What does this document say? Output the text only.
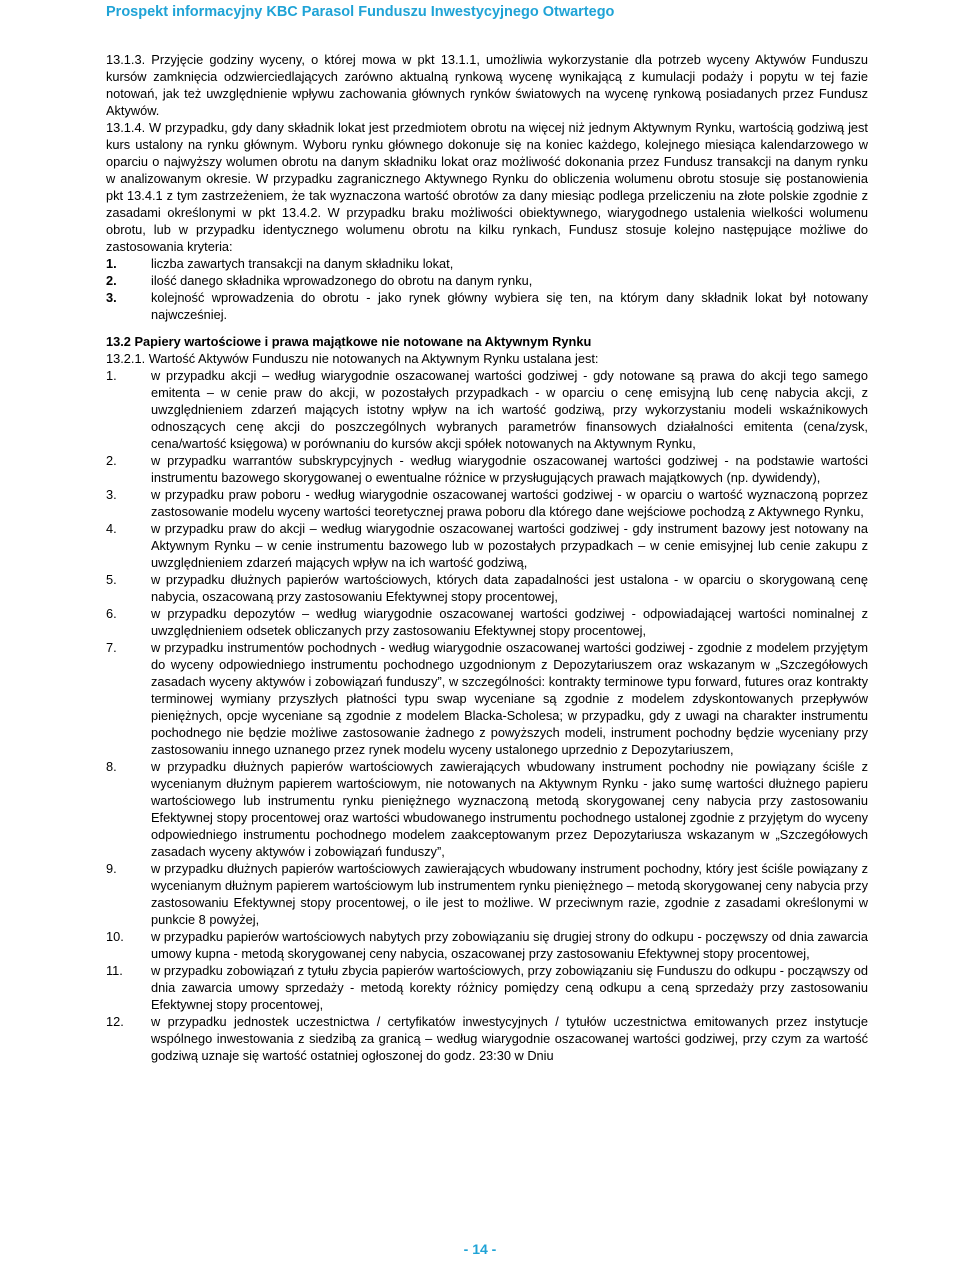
Prospekt informacyjny KBC Parasol Funduszu Inwestycyjnego Otwartego

13.1.3. Przyjęcie godziny wyceny, o której mowa w pkt 13.1.1, umożliwia wykorzystanie dla potrzeb wyceny Aktywów Funduszu kursów zamknięcia odzwierciedlających zarówno aktualną rynkową wycenę wynikającą z kumulacji podaży i popytu w tej fazie notowań, jak też uwzględnienie wpływu zachowania głównych rynków światowych na wycenę rynkową posiadanych przez Fundusz Aktywów.

13.1.4. W przypadku, gdy dany składnik lokat jest przedmiotem obrotu na więcej niż jednym Aktywnym Rynku, wartością godziwą jest kurs ustalony na rynku głównym. Wyboru rynku głównego dokonuje się na koniec każdego, kolejnego miesiąca kalendarzowego w oparciu o najwyższy wolumen obrotu na danym składniku lokat oraz możliwość dokonania przez Fundusz transakcji na danym rynku w analizowanym okresie. W przypadku zagranicznego Aktywnego Rynku do obliczenia wolumenu obrotu stosuje się postanowienia pkt 13.4.1 z tym zastrzeżeniem, że tak wyznaczona wartość obrotów za dany miesiąc podlega przeliczeniu na złote polskie zgodnie z zasadami określonymi w pkt 13.4.2. W przypadku braku możliwości obiektywnego, wiarygodnego ustalenia wielkości wolumenu obrotu, lub w przypadku identycznego wolumenu obrotu na kilku rynkach, Fundusz stosuje kolejno następujące możliwe do zastosowania kryteria:

1.	liczba zawartych transakcji na danym składniku lokat,
2.	ilość danego składnika wprowadzonego do obrotu na danym rynku,
3.	kolejność wprowadzenia do obrotu - jako rynek główny wybiera się ten, na którym dany składnik lokat był notowany najwcześniej.

13.2 Papiery wartościowe i prawa majątkowe nie notowane na Aktywnym Rynku

13.2.1. Wartość Aktywów Funduszu nie notowanych na Aktywnym Rynku ustalana jest:

1.	w przypadku akcji – według wiarygodnie oszacowanej wartości godziwej - gdy notowane są prawa do akcji tego samego emitenta – w cenie praw do akcji, w pozostałych przypadkach - w oparciu o cenę emisyjną lub cenę nabycia akcji, z uwzględnieniem zdarzeń mających istotny wpływ na ich wartość godziwą, przy wykorzystaniu modeli wskaźnikowych odnoszących cenę akcji do poszczególnych wybranych parametrów finansowych działalności emitenta (cena/zysk, cena/wartość księgowa) w porównaniu do kursów akcji spółek notowanych na Aktywnym Rynku,
2.	w przypadku warrantów subskrypcyjnych - według wiarygodnie oszacowanej wartości godziwej - na podstawie wartości instrumentu bazowego skorygowanej o ewentualne różnice w przysługujących prawach majątkowych (np. dywidendy),
3.	w przypadku praw poboru - według wiarygodnie oszacowanej wartości godziwej - w oparciu o wartość wyznaczoną poprzez zastosowanie modelu wyceny wartości teoretycznej prawa poboru dla którego dane wejściowe pochodzą z Aktywnego Rynku,
4.	w przypadku praw do akcji – według wiarygodnie oszacowanej wartości godziwej - gdy instrument bazowy jest notowany na Aktywnym Rynku – w cenie instrumentu bazowego lub w pozostałych przypadkach – w cenie emisyjnej lub cenie zakupu z uwzględnieniem zdarzeń mających wpływ na ich wartość godziwą,
5.	w przypadku dłużnych papierów wartościowych, których data zapadalności jest ustalona - w oparciu o skorygowaną cenę nabycia, oszacowaną przy zastosowaniu Efektywnej stopy procentowej,
6.	w przypadku depozytów – według wiarygodnie oszacowanej wartości godziwej - odpowiadającej wartości nominalnej z uwzględnieniem odsetek obliczanych przy zastosowaniu Efektywnej stopy procentowej,
7.	w przypadku instrumentów pochodnych - według wiarygodnie oszacowanej wartości godziwej - zgodnie z modelem przyjętym do wyceny odpowiedniego instrumentu pochodnego uzgodnionym z Depozytariuszem oraz wskazanym w „Szczegółowych zasadach wyceny aktywów i zobowiązań funduszy”, w szczególności: kontrakty terminowe typu forward, futures oraz kontrakty terminowej wymiany przyszłych płatności typu swap wyceniane są zgodnie z modelem zdyskontowanych przepływów pieniężnych, opcje wyceniane są zgodnie z modelem Blacka-Scholesa; w przypadku, gdy z uwagi na charakter instrumentu pochodnego nie będzie możliwe zastosowanie żadnego z powyższych modeli, instrument pochodny będzie wyceniany przy zastosowaniu innego uznanego przez rynek modelu wyceny ustalonego uprzednio z Depozytariuszem,
8.	w przypadku dłużnych papierów wartościowych zawierających wbudowany instrument pochodny nie powiązany ściśle z wycenianym dłużnym papierem wartościowym, nie notowanych na Aktywnym Rynku - jako sumę wartości dłużnego papieru wartościowego lub instrumentu rynku pieniężnego wyznaczoną metodą skorygowanej ceny nabycia przy zastosowaniu Efektywnej stopy procentowej oraz wartości wbudowanego instrumentu pochodnego ustalonej zgodnie z przyjętym do wyceny odpowiedniego instrumentu pochodnego modelem zaakceptowanym przez Depozytariusza wskazanym w „Szczegółowych zasadach wyceny aktywów i zobowiązań funduszy”,
9.	w przypadku dłużnych papierów wartościowych zawierających wbudowany instrument pochodny, który jest ściśle powiązany z wycenianym dłużnym papierem wartościowym lub instrumentem rynku pieniężnego – metodą skorygowanej ceny nabycia przy zastosowaniu Efektywnej stopy procentowej, o ile jest to możliwe. W przeciwnym razie, zgodnie z zasadami określonymi w punkcie 8 powyżej,
10. w przypadku papierów wartościowych nabytych przy zobowiązaniu się drugiej strony do odkupu - poczęwszy od dnia zawarcia umowy kupna - metodą skorygowanej ceny nabycia, oszacowanej przy zastosowaniu Efektywnej stopy procentowej,
11. w przypadku zobowiązań z tytułu zbycia papierów wartościowych, przy zobowiązaniu się Funduszu do odkupu - począwszy od dnia zawarcia umowy sprzedaży - metodą korekty różnicy pomiędzy ceną odkupu a ceną sprzedaży przy zastosowaniu Efektywnej stopy procentowej,
12. w przypadku jednostek uczestnictwa / certyfikatów inwestycyjnych / tytułów uczestnictwa emitowanych przez instytucje wspólnego inwestowania z siedzibą za granicą – według wiarygodnie oszacowanej wartości godziwej, przy czym za wartość godziwą uznaje się wartość ostatniej ogłoszonej do godz. 23:30 w Dniu
- 14 -
